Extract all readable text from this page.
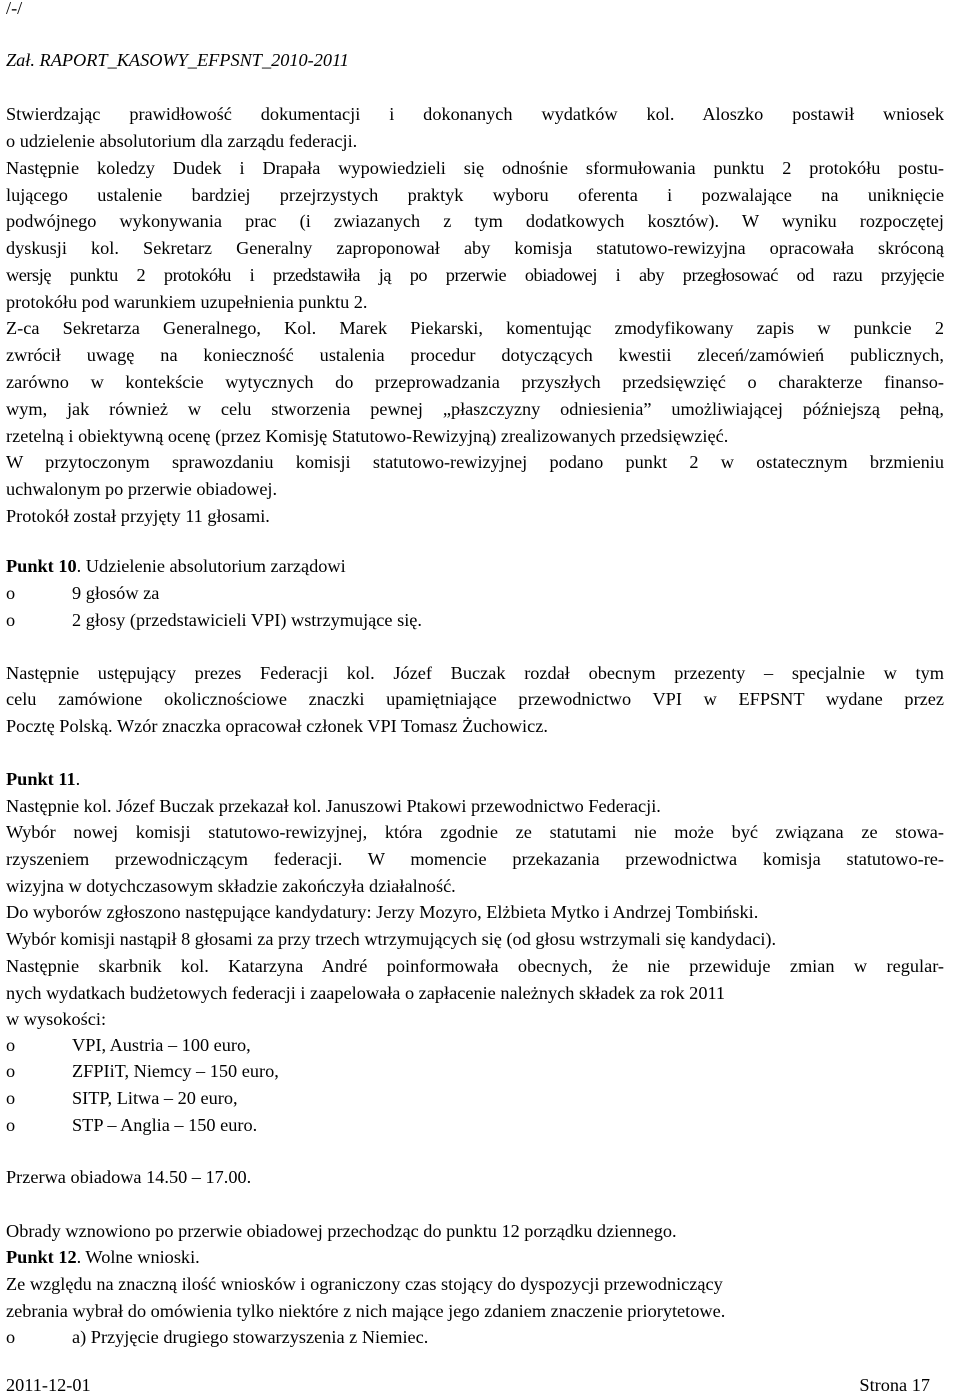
/-/
Zał. RAPORT_KASOWY_EFPSNT_2010-2011
Stwierdzając prawidłowość dokumentacji i dokonanych wydatków kol. Aloszko postawił wniosek
o udzielenie absolutorium dla zarządu federacji.
Następnie koledzy Dudek i Drapała wypowiedzieli się odnośnie sformułowania punktu 2 protokółu postu-
lującego ustalenie bardziej przejrzystych praktyk wyboru oferenta i pozwalające na uniknięcie
podwójnego wykonywania prac (i zwiazanych z tym dodatkowych kosztów). W wyniku rozpoczętej
dyskusji kol. Sekretarz Generalny zaproponował aby komisja statutowo-rewizyjna opracowała skróconą
wersję punktu 2 protokółu i przedstawiła ją po przerwie obiadowej i aby przegłosować od razu przyjęcie
protokółu pod warunkiem uzupełnienia punktu 2.
Z-ca Sekretarza Generalnego, Kol. Marek Piekarski, komentując zmodyfikowany zapis w punkcie 2
zwrócił uwagę na konieczność ustalenia procedur dotyczących kwestii zleceń/zamówień publicznych,
zarówno w kontekście wytycznych do przeprowadzania przyszłych przedsięwzięć o charakterze finanso-
wym, jak również w celu stworzenia pewnej „płaszczyzny odniesienia” umożliwiającej późniejszą pełną,
rzetelną i obiektywną ocenę (przez Komisję Statutowo-Rewizyjną) zrealizowanych przedsięwzięć.
W przytoczonym sprawozdaniu komisji statutowo-rewizyjnej podano punkt 2 w ostatecznym brzmieniu
uchwalonym po przerwie obiadowej.
Protokół został przyjęty 11 głosami.
Punkt 10. Udzielenie absolutorium zarządowi
o	9 głosów za
o	2 głosy (przedstawicieli VPI) wstrzymujące się.
Następnie ustępujący prezes Federacji kol. Józef Buczak rozdał obecnym przezenty – specjalnie w tym
celu zamówione okolicznościowe znaczki upamiętniające przewodnictwo VPI w EFPSNT wydane przez
Pocztę Polską. Wzór znaczka opracował członek VPI Tomasz Żuchowicz.
Punkt 11.
Następnie kol. Józef Buczak przekazał kol. Januszowi Ptakowi przewodnictwo Federacji.
Wybór nowej komisji statutowo-rewizyjnej, która zgodnie ze statutami nie może być związana ze stowa-
rzyszeniem przewodniczącym federacji. W momencie przekazania przewodnictwa komisja statutowo-re-
wizyjna w dotychczasowym składzie zakończyła działalność.
Do wyborów zgłoszono następujące kandydatury: Jerzy Mozyro, Elżbieta Mytko i Andrzej Tombiński.
Wybór komisji nastąpił 8 głosami za przy trzech wtrzymujących się (od głosu wstrzymali się kandydaci).
Następnie skarbnik kol. Katarzyna André poinformowała obecnych, że nie przewiduje zmian w regular-
nych wydatkach budżetowych federacji i zaapelowała o zapłacenie należnych składek za rok 2011
w wysokości:
o	VPI, Austria – 100 euro,
o	ZFPIiT, Niemcy – 150 euro,
o	SITP, Litwa – 20 euro,
o	STP – Anglia – 150 euro.
Przerwa obiadowa 14.50 – 17.00.
Obrady wznowiono po przerwie obiadowej przechodząc do punktu 12 porządku dziennego.
Punkt 12. Wolne wnioski.
Ze względu na znaczną ilość wniosków i ograniczony czas stojący do dyspozycji przewodniczący
zebrania wybrał do omówienia tylko niektóre z nich mające jego zdaniem znaczenie priorytetowe.
o	a) Przyjęcie drugiego stowarzyszenia z Niemiec.
2011-12-01	Strona 17
